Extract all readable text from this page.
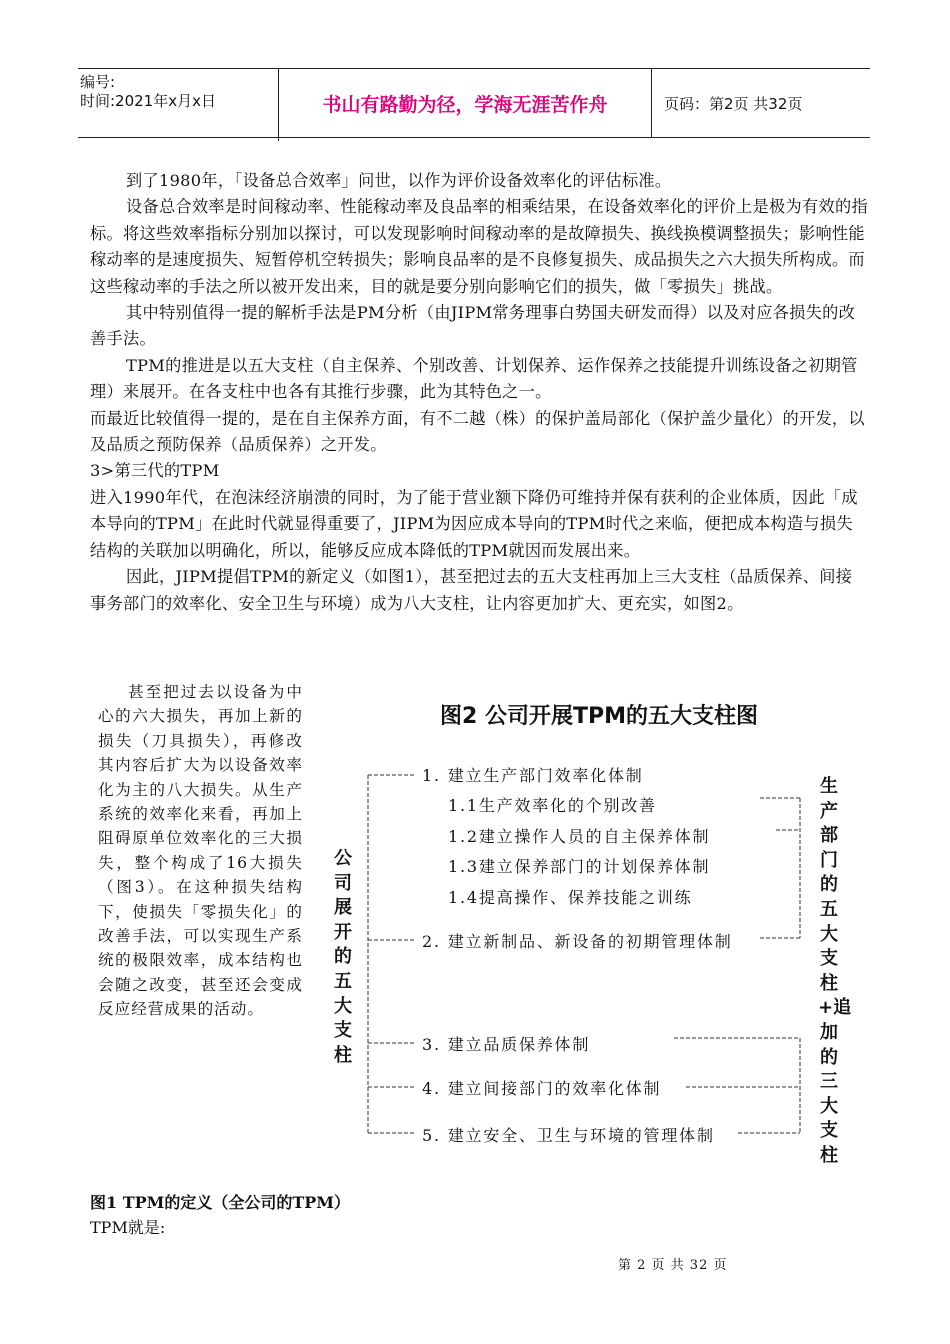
编号:
时间:2021年x月x日	书山有路勤为径，学海无涯苦作舟	页码：第2页 共32页

到了1980年，「设备总合效率」问世，以作为评价设备效率化的评估标准。

设备总合效率是时间稼动率、性能稼动率及良品率的相乘结果，在设备效率化的评价上是极为有效的指标。将这些效率指标分别加以探讨，可以发现影响时间稼动率的是故障损失、换线换模调整损失；影响性能稼动率的是速度损失、短暂停机空转损失；影响良品率的是不良修复损失、成品损失之六大损失所构成。而这些稼动率的手法之所以被开发出来，目的就是要分别向影响它们的损失，做「零损失」挑战。

其中特别值得一提的解析手法是PM分析（由JIPM常务理事白势国夫研发而得）以及对应各损失的改善手法。

TPM的推进是以五大支柱（自主保养、个别改善、计划保养、运作保养之技能提升训练设备之初期管理）来展开。在各支柱中也各有其推行步骤，此为其特色之一。

而最近比较值得一提的，是在自主保养方面，有不二越（株）的保护盖局部化（保护盖少量化）的开发，以及品质之预防保养（品质保养）之开发。

3>第三代的TPM

进入1990年代，在泡沫经济崩溃的同时，为了能于营业额下降仍可维持并保有获利的企业体质，因此「成本导向的TPM」在此时代就显得重要了，JIPM为因应成本导向的TPM时代之来临，便把成本构造与损失结构的关联加以明确化，所以，能够反应成本降低的TPM就因而发展出来。

因此，JIPM提倡TPM的新定义（如图1），甚至把过去的五大支柱再加上三大支柱（品质保养、间接事务部门的效率化、安全卫生与环境）成为八大支柱，让内容更加扩大、更充实，如图2。

甚至把过去以设备为中心的六大损失，再加上新的损失（刀具损失），再修改其内容后扩大为以设备效率化为主的八大损失。从生产系统的效率化来看，再加上阻碍原单位效率化的三大损失，整个构成了16大损失（图3）。在这种损失结构下，使损失「零损失化」的改善手法，可以实现生产系统的极限效率，成本结构也会随之改变，甚至还会变成反应经营成果的活动。

图2 公司开展TPM的五大支柱图
公司展开的五大支柱
生产部门的五大支柱+追加的三大支柱
1. 建立生产部门效率化体制
1.1生产效率化的个别改善
1.2建立操作人员的自主保养体制
1.3建立保养部门的计划保养体制
1.4提高操作、保养技能之训练
2. 建立新制品、新设备的初期管理体制
3. 建立品质保养体制
4. 建立间接部门的效率化体制
5. 建立安全、卫生与环境的管理体制
图1 TPM的定义（全公司的TPM）
TPM就是:
第 2 页 共 32 页
